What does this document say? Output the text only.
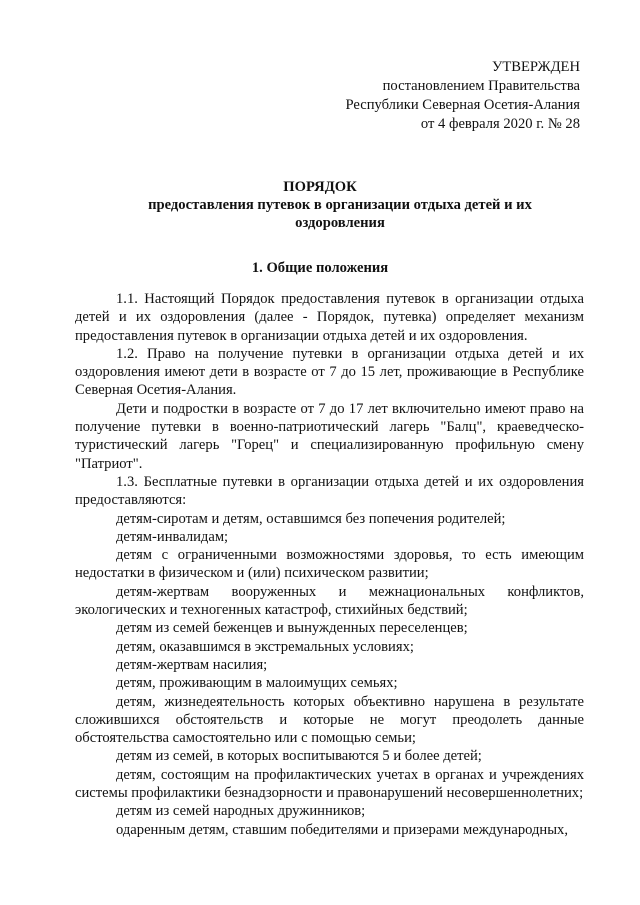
УТВЕРЖДЕН
постановлением Правительства
Республики Северная Осетия-Алания
от 4 февраля 2020 г. № 28
ПОРЯДОК
предоставления путевок в организации отдыха детей и их оздоровления
1. Общие положения

1.1. Настоящий Порядок предоставления путевок в организации отдыха детей и их оздоровления (далее - Порядок, путевка) определяет механизм предоставления путевок в организации отдыха детей и их оздоровления.

1.2. Право на получение путевки в организации отдыха детей и их оздоровления имеют дети в возрасте от 7 до 15 лет, проживающие в Республике Северная Осетия-Алания.

Дети и подростки в возрасте от 7 до 17 лет включительно имеют право на получение путевки в военно-патриотический лагерь "Балц", краеведческо-туристический лагерь "Горец" и специализированную профильную смену "Патриот".

1.3. Бесплатные путевки в организации отдыха детей и их оздоровления предоставляются:

детям-сиротам и детям, оставшимся без попечения родителей;

детям-инвалидам;

детям с ограниченными возможностями здоровья, то есть имеющим недостатки в физическом и (или) психическом развитии;

детям-жертвам вооруженных и межнациональных конфликтов, экологических и техногенных катастроф, стихийных бедствий;

детям из семей беженцев и вынужденных переселенцев;

детям, оказавшимся в экстремальных условиях;

детям-жертвам насилия;

детям, проживающим в малоимущих семьях;

детям, жизнедеятельность которых объективно нарушена в результате сложившихся обстоятельств и которые не могут преодолеть данные обстоятельства самостоятельно или с помощью семьи;

детям из семей, в которых воспитываются 5 и более детей;

детям, состоящим на профилактических учетах в органах и учреждениях системы профилактики безнадзорности и правонарушений несовершеннолетних;

детям из семей народных дружинников;

одаренным детям, ставшим победителями и призерами международных,
